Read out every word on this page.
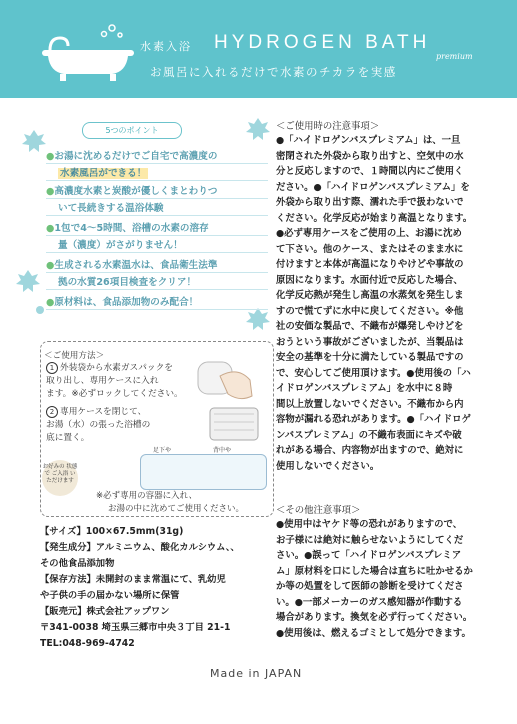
水素入浴 HYDROGEN BATH
premium
お風呂に入れるだけで水素のチカラを実感
5つのポイント
●お湯に沈めるだけでご自宅で高濃度の
水素風呂ができる！
●高濃度水素と炭酸が優しくまとわりつ
いて長続きする温浴体験
●1包で4～5時間、浴槽の水素の溶存
量（濃度）がさがりません！
●生成される水素温水は、食品衛生法準
拠の水質26項目検査をクリア！
●原材料は、食品添加物のみ配合！
＜ご使用方法＞
1 外装袋から水素ガスパックを
取り出し、専用ケースに入れ
ます。※必ずロックしてください。
2 専用ケースを閉じて、
お湯（水）の張った浴槽の
底に置く。
お好みの 状態で ご入浴 いただけます
足下や	背中や
※必ず専用の容器に入れ、
お湯の中に沈めてご使用ください。
【サイズ】100×67.5mm(31g)
【発生成分】アルミニウム、酸化カルシウム、、
その他食品添加物
【保存方法】未開封のまま常温にて、乳幼児
や子供の手の届かない場所に保管
【販売元】株式会社アップワン
〒341-0038 埼玉県三郷市中央３丁目 21-1
TEL:048-969-4742
＜ご使用時の注意事項＞
●「ハイドロゲンバスプレミアム」は、一旦
密閉された外袋から取り出すと、空気中の水
分と反応しますので、１時間以内にご使用く
ださい。●「ハイドロゲンバスプレミアム」を
外袋から取り出す際、濡れた手で扱わないで
ください。化学反応が始まり高温となります。
●必ず専用ケースをご使用の上、お湯に沈め
て下さい。他のケース、またはそのまま水に
付けますと本体が高温になりやけどや事故の
原因になります。水面付近で反応した場合、
化学反応熱が発生し高温の水蒸気を発生しま
すので慌てずに水中に戻してください。※他
社の安価な製品で、不織布が爆発しやけどを
おうという事故がございましたが、当製品は
安全の基準を十分に満たしている製品ですの
で、安心してご使用頂けます。●使用後の「ハ
イドロゲンバスプレミアム」を水中に８時
間以上放置しないでください。不織布から内
容物が漏れる恐れがあります。●「ハイドロゲ
ンバスプレミアム」の不織布表面にキズや破
れがある場合、内容物が出ますので、絶対に
使用しないでください。
＜その他注意事項＞
●使用中はヤケド等の恐れがありますので、
お子様には絶対に触らせないようにしてくだ
さい。●誤って「ハイドロゲンバスプレミア
ム」原材料を口にした場合は直ちに吐かせるか
か等の処置をして医師の診断を受けてくださ
い。●一部メーカーのガス感知器が作動する
場合があります。換気を必ず行ってください。
●使用後は、燃えるゴミとして処分できます。
Made in JAPAN
